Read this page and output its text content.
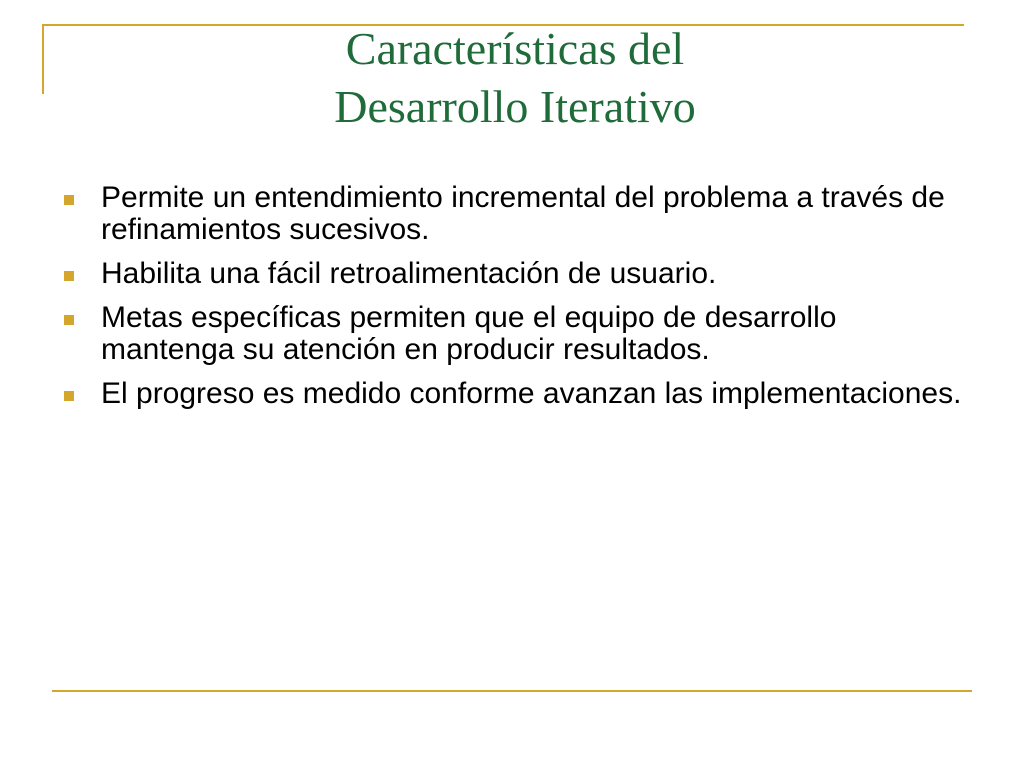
Características del
Desarrollo Iterativo
Permite un entendimiento incremental del problema a través de refinamientos sucesivos.
Habilita una fácil retroalimentación de usuario.
Metas específicas permiten que el equipo de desarrollo mantenga su atención en producir resultados.
El progreso es medido conforme avanzan las implementaciones.
